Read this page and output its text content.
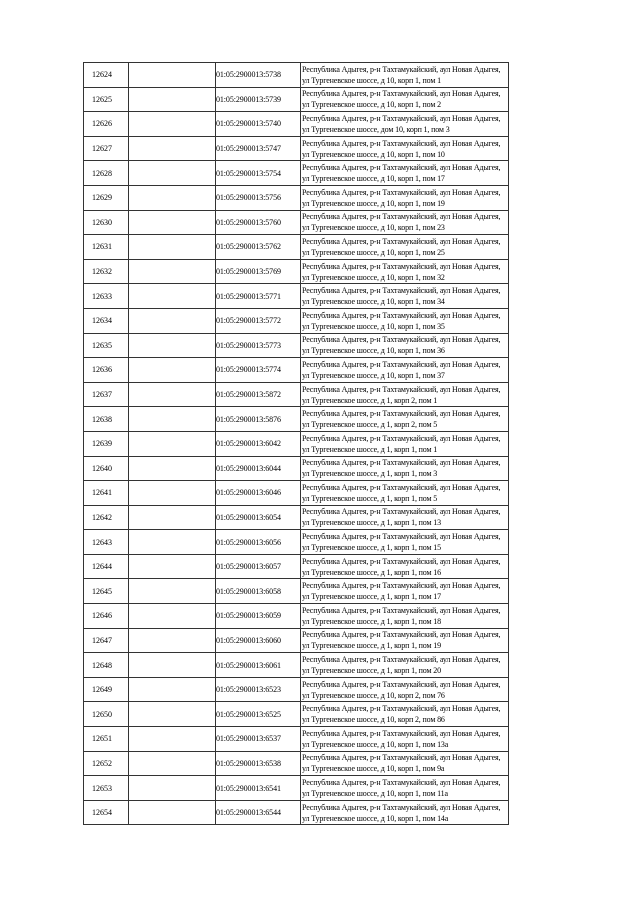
12624		01:05:2900013:5738	Республика Адыгея, р-н Тахтамукайский, аул Новая Адыгея,
ул Тургеневское шоссе, д 10, корп 1, пом 1

12625		01:05:2900013:5739	Республика Адыгея, р-н Тахтамукайский, аул Новая Адыгея,
ул Тургеневское шоссе, д 10, корп 1, пом 2

12626		01:05:2900013:5740	Республика Адыгея, р-н Тахтамукайский, аул Новая Адыгея,
ул Тургеневское шоссе, дом 10, корп 1, пом 3

12627		01:05:2900013:5747	Республика Адыгея, р-н Тахтамукайский, аул Новая Адыгея,
ул Тургеневское шоссе, д 10, корп 1, пом 10

12628		01:05:2900013:5754	Республика Адыгея, р-н Тахтамукайский, аул Новая Адыгея,
ул Тургеневское шоссе, д 10, корп 1, пом 17

12629		01:05:2900013:5756	Республика Адыгея, р-н Тахтамукайский, аул Новая Адыгея,
ул Тургеневское шоссе, д 10, корп 1, пом 19

12630		01:05:2900013:5760	Республика Адыгея, р-н Тахтамукайский, аул Новая Адыгея,
ул Тургеневское шоссе, д 10, корп 1, пом 23

12631		01:05:2900013:5762	Республика Адыгея, р-н Тахтамукайский, аул Новая Адыгея,
ул Тургеневское шоссе, д 10, корп 1, пом 25

12632		01:05:2900013:5769	Республика Адыгея, р-н Тахтамукайский, аул Новая Адыгея,
ул Тургеневское шоссе, д 10, корп 1, пом 32

12633		01:05:2900013:5771	Республика Адыгея, р-н Тахтамукайский, аул Новая Адыгея,
ул Тургеневское шоссе, д 10, корп 1, пом 34

12634		01:05:2900013:5772	Республика Адыгея, р-н Тахтамукайский, аул Новая Адыгея,
ул Тургеневское шоссе, д 10, корп 1, пом 35

12635		01:05:2900013:5773	Республика Адыгея, р-н Тахтамукайский, аул Новая Адыгея,
ул Тургеневское шоссе, д 10, корп 1, пом 36

12636		01:05:2900013:5774	Республика Адыгея, р-н Тахтамукайский, аул Новая Адыгея,
ул Тургеневское шоссе, д 10, корп 1, пом 37

12637		01:05:2900013:5872	Республика Адыгея, р-н Тахтамукайский, аул Новая Адыгея,
ул Тургеневское шоссе, д 1, корп 2, пом 1

12638		01:05:2900013:5876	Республика Адыгея, р-н Тахтамукайский, аул Новая Адыгея,
ул Тургеневское шоссе, д 1, корп 2, пом 5

12639		01:05:2900013:6042	Республика Адыгея, р-н Тахтамукайский, аул Новая Адыгея,
ул Тургеневское шоссе, д 1, корп 1, пом 1

12640		01:05:2900013:6044	Республика Адыгея, р-н Тахтамукайский, аул Новая Адыгея,
ул Тургеневское шоссе, д 1, корп 1, пом 3

12641		01:05:2900013:6046	Республика Адыгея, р-н Тахтамукайский, аул Новая Адыгея,
ул Тургеневское шоссе, д 1, корп 1, пом 5

12642		01:05:2900013:6054	Республика Адыгея, р-н Тахтамукайский, аул Новая Адыгея,
ул Тургеневское шоссе, д 1, корп 1, пом 13

12643		01:05:2900013:6056	Республика Адыгея, р-н Тахтамукайский, аул Новая Адыгея,
ул Тургеневское шоссе, д 1, корп 1, пом 15

12644		01:05:2900013:6057	Республика Адыгея, р-н Тахтамукайский, аул Новая Адыгея,
ул Тургеневское шоссе, д 1, корп 1, пом 16

12645		01:05:2900013:6058	Республика Адыгея, р-н Тахтамукайский, аул Новая Адыгея,
ул Тургеневское шоссе, д 1, корп 1, пом 17

12646		01:05:2900013:6059	Республика Адыгея, р-н Тахтамукайский, аул Новая Адыгея,
ул Тургеневское шоссе, д 1, корп 1, пом 18

12647		01:05:2900013:6060	Республика Адыгея, р-н Тахтамукайский, аул Новая Адыгея,
ул Тургеневское шоссе, д 1, корп 1, пом 19

12648		01:05:2900013:6061	Республика Адыгея, р-н Тахтамукайский, аул Новая Адыгея,
ул Тургеневское шоссе, д 1, корп 1, пом 20

12649		01:05:2900013:6523	Республика Адыгея, р-н Тахтамукайский, аул Новая Адыгея,
ул Тургеневское шоссе, д 10, корп 2, пом 76

12650		01:05:2900013:6525	Республика Адыгея, р-н Тахтамукайский, аул Новая Адыгея,
ул Тургеневское шоссе, д 10, корп 2, пом 86

12651		01:05:2900013:6537	Республика Адыгея, р-н Тахтамукайский, аул Новая Адыгея,
ул Тургеневское шоссе, д 10, корп 1, пом 13а

12652		01:05:2900013:6538	Республика Адыгея, р-н Тахтамукайский, аул Новая Адыгея,
ул Тургеневское шоссе, д 10, корп 1, пом 9а

12653		01:05:2900013:6541	Республика Адыгея, р-н Тахтамукайский, аул Новая Адыгея,
ул Тургеневское шоссе, д 10, корп 1, пом 11а

12654		01:05:2900013:6544	Республика Адыгея, р-н Тахтамукайский, аул Новая Адыгея,
ул Тургеневское шоссе, д 10, корп 1, пом 14а
